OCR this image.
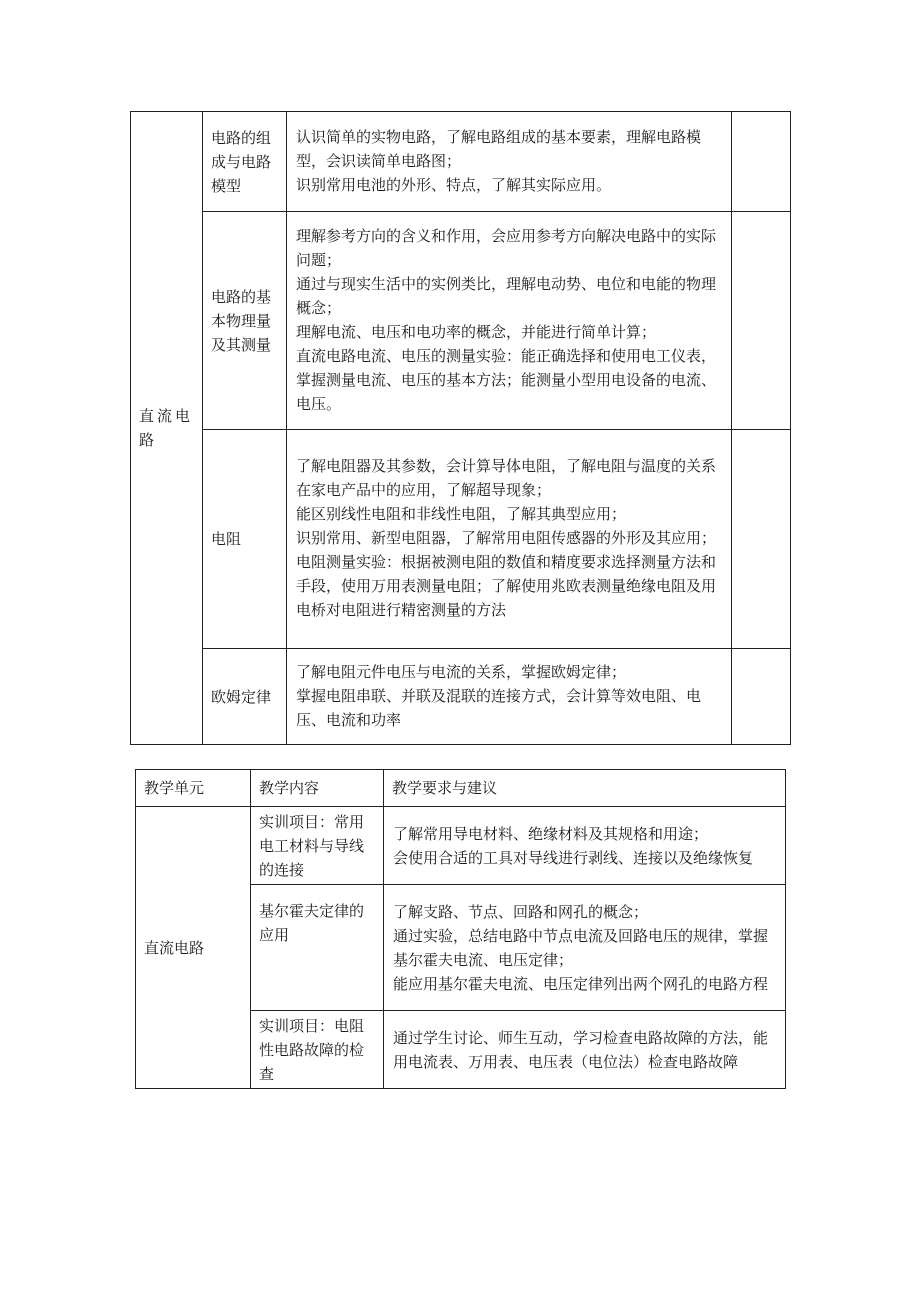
直流电路	电路的组成与电路模型	认识简单的实物电路，了解电路组成的基本要素，理解电路模型，会识读简单电路图；
识别常用电池的外形、特点，了解其实际应用。	

	电路的基本物理量及其测量	理解参考方向的含义和作用，会应用参考方向解决电路中的实际问题；
通过与现实生活中的实例类比，理解电动势、电位和电能的物理概念；
理解电流、电压和电功率的概念，并能进行简单计算；
直流电路电流、电压的测量实验：能正确选择和使用电工仪表，掌握测量电流、电压的基本方法；能测量小型用电设备的电流、电压。	

	电阻	了解电阻器及其参数，会计算导体电阻，了解电阻与温度的关系在家电产品中的应用，了解超导现象；
能区别线性电阻和非线性电阻，了解其典型应用；
识别常用、新型电阻器，了解常用电阻传感器的外形及其应用；
电阻测量实验：根据被测电阻的数值和精度要求选择测量方法和手段，使用万用表测量电阻；了解使用兆欧表测量绝缘电阻及用电桥对电阻进行精密测量的方法	

	欧姆定律	了解电阻元件电压与电流的关系，掌握欧姆定律；
掌握电阻串联、并联及混联的连接方式，会计算等效电阻、电压、电流和功率	

教学单元	教学内容	教学要求与建议
直流电路	实训项目：常用电工材料与导线的连接	了解常用导电材料、绝缘材料及其规格和用途；
会使用合适的工具对导线进行剥线、连接以及绝缘恢复

	基尔霍夫定律的应用	了解支路、节点、回路和网孔的概念；
通过实验，总结电路中节点电流及回路电压的规律，掌握基尔霍夫电流、电压定律；
能应用基尔霍夫电流、电压定律列出两个网孔的电路方程

	实训项目：电阻性电路故障的检查	通过学生讨论、师生互动，学习检查电路故障的方法，能用电流表、万用表、电压表（电位法）检查电路故障
